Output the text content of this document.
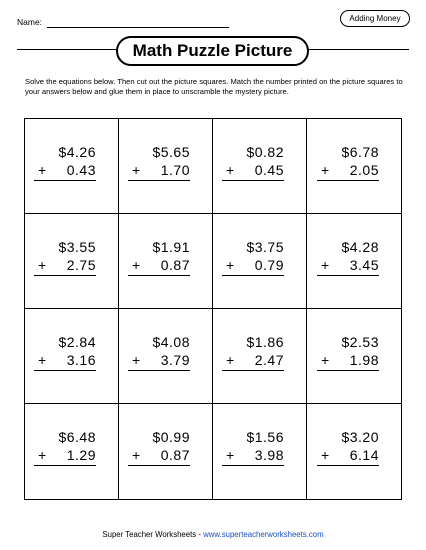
Name:	Adding Money
Math Puzzle Picture
Solve the equations below. Then cut out the picture squares. Match the number printed on the picture squares to your answers below and glue them in place to unscramble the mystery picture.
$4.26
+ 0.43
$5.65
+ 1.70
$0.82
+ 0.45
$6.78
+ 2.05
$3.55
+ 2.75
$1.91
+ 0.87
$3.75
+ 0.79
$4.28
+ 3.45
$2.84
+ 3.16
$4.08
+ 3.79
$1.86
+ 2.47
$2.53
+ 1.98
$6.48
+ 1.29
$0.99
+ 0.87
$1.56
+ 3.98
$3.20
+ 6.14
Super Teacher Worksheets - www.superteacherworksheets.com
